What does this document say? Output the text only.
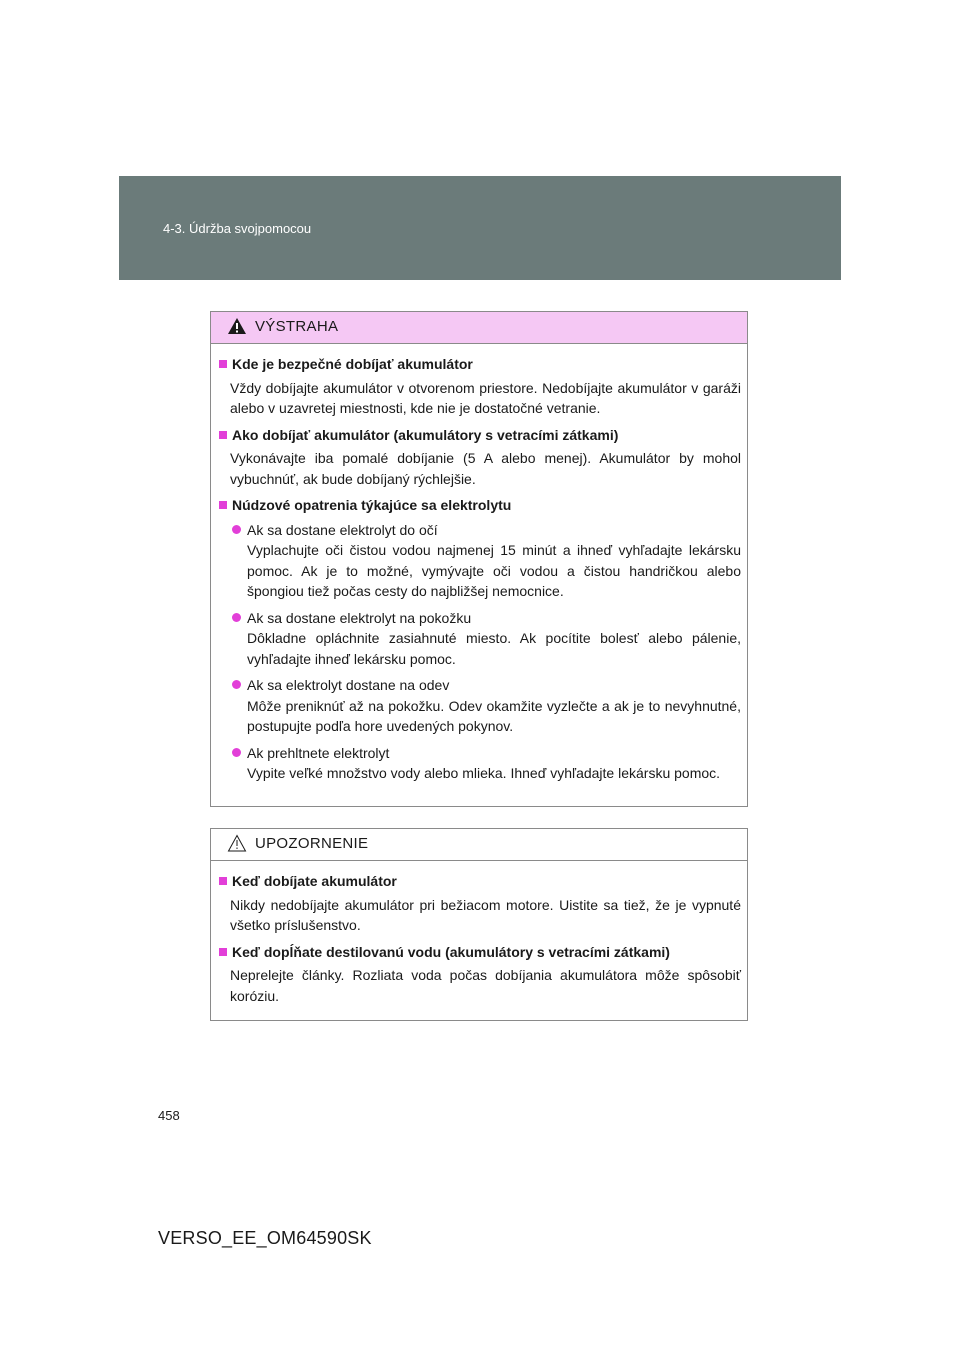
4-3. Údržba svojpomocou
VÝSTRAHA
Kde je bezpečné dobíjať akumulátor
Vždy dobíjajte akumulátor v otvorenom priestore. Nedobíjajte akumulátor v garáži alebo v uzavretej miestnosti, kde nie je dostatočné vetranie.
Ako dobíjať akumulátor (akumulátory s vetracími zátkami)
Vykonávajte iba pomalé dobíjanie (5 A alebo menej). Akumulátor by mohol vybuchnúť, ak bude dobíjaný rýchlejšie.
Núdzové opatrenia týkajúce sa elektrolytu
Ak sa dostane elektrolyt do očí
Vyplachujte oči čistou vodou najmenej 15 minút a ihneď vyhľadajte lekársku pomoc. Ak je to možné, vymývajte oči vodou a čistou handričkou alebo špongiou tiež počas cesty do najbližšej nemocnice.
Ak sa dostane elektrolyt na pokožku
Dôkladne opláchnite zasiahnuté miesto. Ak pocítite bolesť alebo pálenie, vyhľadajte ihneď lekársku pomoc.
Ak sa elektrolyt dostane na odev
Môže preniknúť až na pokožku. Odev okamžite vyzlečte a ak je to nevyhnutné, postupujte podľa hore uvedených pokynov.
Ak prehltnete elektrolyt
Vypite veľké množstvo vody alebo mlieka. Ihneď vyhľadajte lekársku pomoc.
UPOZORNENIE
Keď dobíjate akumulátor
Nikdy nedobíjajte akumulátor pri bežiacom motore. Uistite sa tiež, že je vypnuté všetko príslušenstvo.
Keď dopĺňate destilovanú vodu (akumulátory s vetracími zátkami)
Neprelejte články. Rozliata voda počas dobíjania akumulátora môže spôsobiť koróziu.
458
VERSO_EE_OM64590SK
